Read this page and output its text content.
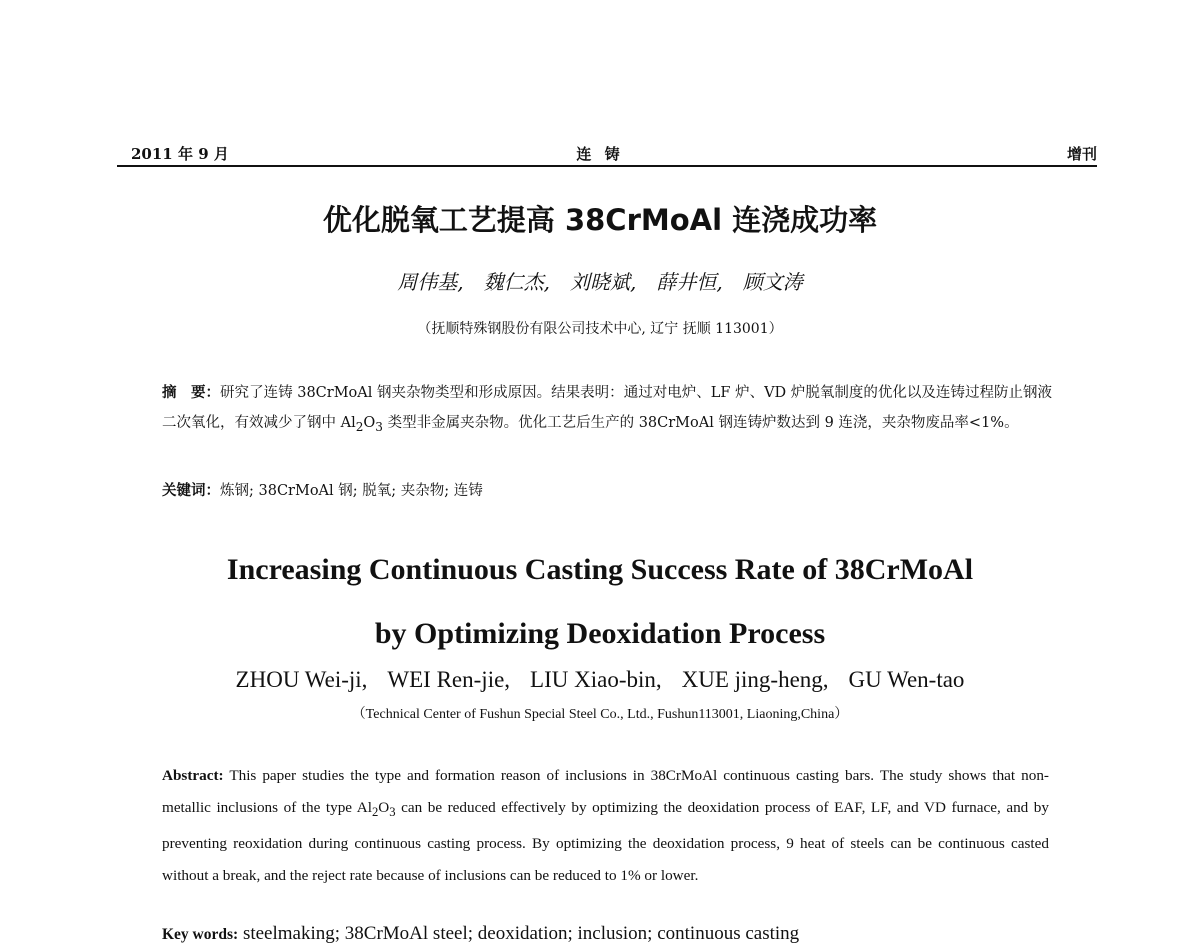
2011 年 9 月	连 铸	增刊
优化脱氧工艺提高 38CrMoAl 连浇成功率
周伟基, 魏仁杰, 刘晓斌, 薛井恒, 顾文涛
（抚顺特殊钢股份有限公司技术中心, 辽宁 抚顺 113001）
摘　要：研究了连铸 38CrMoAl 钢夹杂物类型和形成原因。结果表明：通过对电炉、LF 炉、VD 炉脱氧制度的优化以及连铸过程防止钢液二次氧化，有效减少了钢中 $Al_2O_3$ 类型非金属夹杂物。优化工艺后生产的 38CrMoAl 钢连铸炉数达到 9 连浇，夹杂物废品率<1%。
关键词：炼钢; 38CrMoAl 钢; 脱氧; 夹杂物; 连铸
Increasing Continuous Casting Success Rate of 38CrMoAl
by Optimizing Deoxidation Process
ZHOU Wei-ji, WEI Ren-jie, LIU Xiao-bin, XUE jing-heng, GU Wen-tao
（Technical Center of Fushun Special Steel Co., Ltd., Fushun113001, Liaoning,China）
Abstract: This paper studies the type and formation reason of inclusions in 38CrMoAl continuous casting bars. The study shows that non-metallic inclusions of the type $Al_2O_3$ can be reduced effectively by optimizing the deoxidation process of EAF, LF, and VD furnace, and by preventing reoxidation during continuous casting process. By optimizing the deoxidation process, 9 heat of steels can be continuous casted without a break, and the reject rate because of inclusions can be reduced to 1% or lower.
Key words: steelmaking; 38CrMoAl steel; deoxidation; inclusion; continuous casting
